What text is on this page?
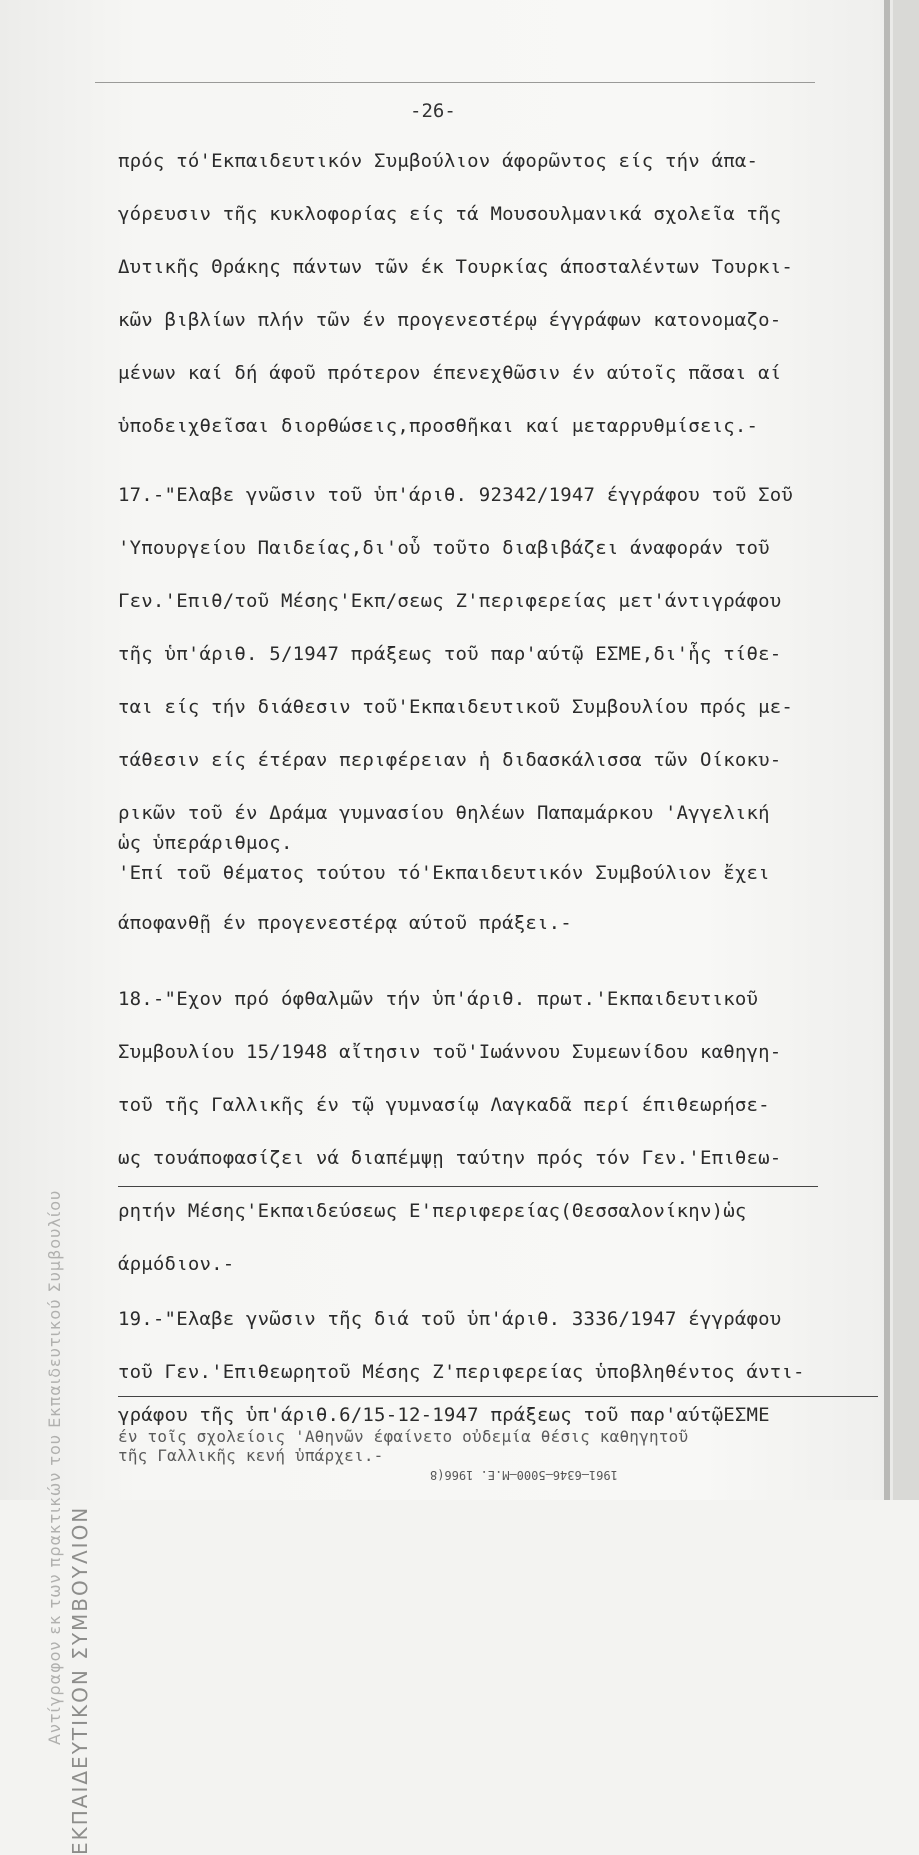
ΕΚΠΑΙΔΕΥΤΙΚΟΝ ΣΥΜΒΟΥΛΙΟΝ
Αντίγραφον εκ των πρακτικών του Εκπαιδευτικού Συμβουλίου
-26-
πρός τό'Εκπαιδευτικόν Συμβούλιον άφορῶντος είς τήν άπα-
γόρευσιν τῆς κυκλοφορίας είς τά Μουσουλμανικά σχολεῖα τῆς
Δυτικῆς Θράκης πάντων τῶν έκ Τουρκίας άποσταλέντων Τουρκι-
κῶν βιβλίων πλήν τῶν έν προγενεστέρῳ έγγράφων κατονομαζο-
μένων καί δή άφοῦ πρότερον έπενεχθῶσιν έν αύτοῖς πᾶσαι αί
ὑποδειχθεῖσαι διορθώσεις,προσθῆκαι καί μεταρρυθμίσεις.-
17.-"Ελαβε γνῶσιν τοῦ ὑπ'άριθ. 92342/1947 έγγράφου τοῦ Σοῦ
'Υπουργείου Παιδείας,δι'οὗ τοῦτο διαβιβάζει άναφοράν τοῦ
Γεν.'Επιθ/τοῦ Μέσης'Εκπ/σεως Ζ'περιφερείας μετ'άντιγράφου
τῆς ὑπ'άριθ. 5/1947 πράξεως τοῦ παρ'αύτῷ ΕΣΜΕ,δι'ἧς τίθε-
ται είς τήν διάθεσιν τοῦ'Εκπαιδευτικοῦ Συμβουλίου πρός με-
τάθεσιν είς έτέραν περιφέρειαν ἡ διδασκάλισσα τῶν Οίκοκυ-
ρικῶν τοῦ έν Δράμα γυμνασίου θηλέων Παπαμάρκου 'Αγγελική
ὡς ὑπεράριθμος.
'Επί τοῦ θέματος τούτου τό'Εκπαιδευτικόν Συμβούλιον ἔχει
άποφανθῇ έν προγενεστέρᾳ αύτοῦ πράξει.-
18.-"Εχον πρό όφθαλμῶν τήν ὑπ'άριθ. πρωτ.'Εκπαιδευτικοῦ
Συμβουλίου 15/1948 αἴτησιν τοῦ'Ιωάννου Συμεωνίδου καθηγη-
τοῦ τῆς Γαλλικῆς έν τῷ γυμνασίῳ Λαγκαδᾶ περί έπιθεωρήσε-
ως τουάποφασίζει νά διαπέμψῃ ταύτην πρός τόν Γεν.'Επιθεω-
ρητήν Μέσης'Εκπαιδεύσεως Ε'περιφερείας(Θεσσαλονίκην)ὡς
άρμόδιον.-
19.-"Ελαβε γνῶσιν τῆς διά τοῦ ὑπ'άριθ. 3336/1947 έγγράφου
τοῦ Γεν.'Επιθεωρητοῦ Μέσης Ζ'περιφερείας ὑποβληθέντος άντι-
γράφου τῆς ὑπ'άριθ.6/15-12-1947 πράξεως τοῦ παρ'αύτῷΕΣΜΕ
έν τοῖς σχολείοις 'Αθηνῶν έφαίνετο οὐδεμία θέσις καθηγητοῦ
τῆς Γαλλικῆς κενή ὑπάρχει.-
1961–6346–5000–Μ.Ε. 1966(8
